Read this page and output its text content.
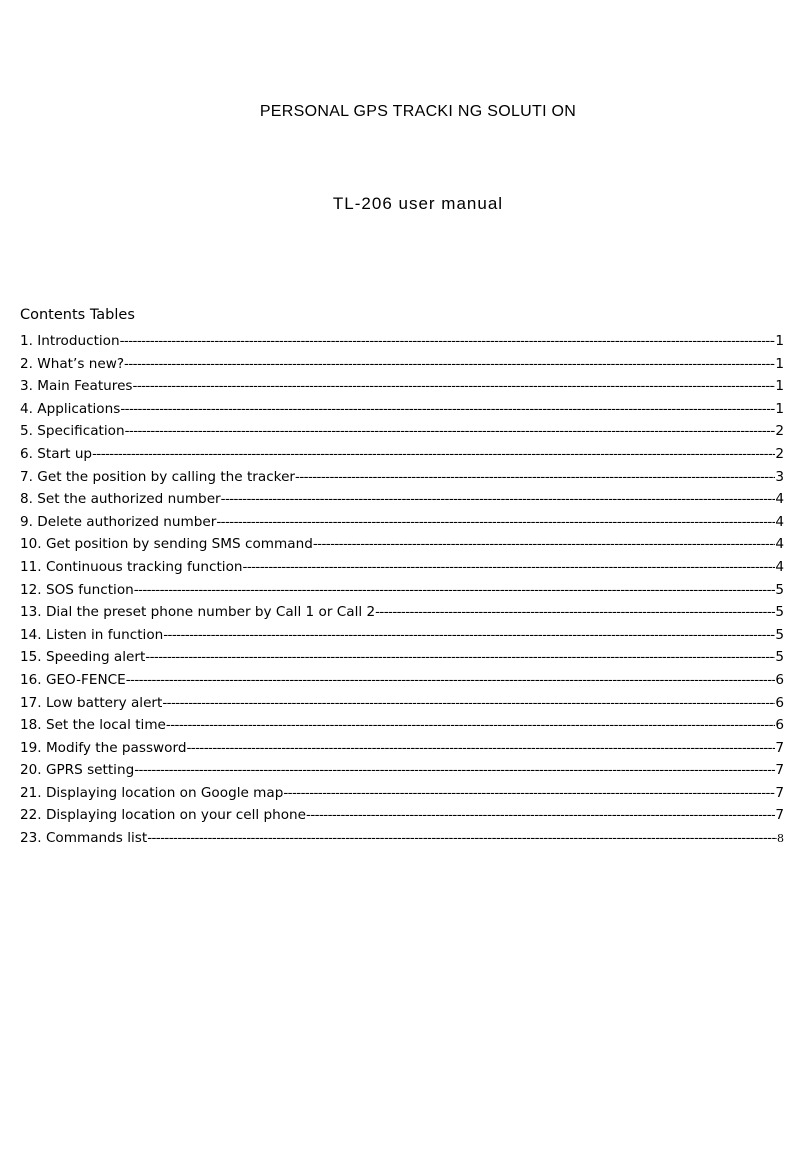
PERSONAL GPS TRACKI NG SOLUTI ON
TL-206 user manual
Contents Tables
1. Introduction -----	1
2. What’s new? -----	1
3. Main Features -----	1
4. Applications -----	1
5. Specification -----	2
6. Start up -----	2
7. Get the position by calling the tracker -----	3
8. Set the authorized number -----	4
9. Delete authorized number -----	4
10. Get position by sending SMS command -----	4
11. Continuous tracking function -----	4
12. SOS function -----	5
13. Dial the preset phone number by Call 1 or Call 2 -----	5
14. Listen in function -----	5
15. Speeding alert -----	5
16. GEO-FENCE -----	6
17. Low battery alert -----	6
18. Set the local time -----	6
19. Modify the password -----	7
20. GPRS setting -----	7
21. Displaying location on Google map -----	7
22. Displaying location on your cell phone -----	7
23. Commands list -----	8
